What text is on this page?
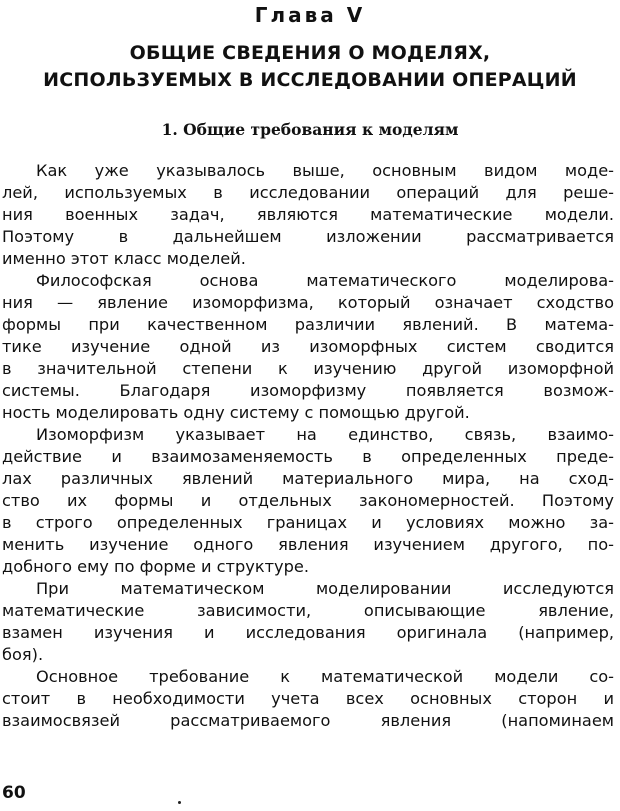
Глава V
ОБЩИЕ СВЕДЕНИЯ О МОДЕЛЯХ,
ИСПОЛЬЗУЕМЫХ В ИССЛЕДОВАНИИ ОПЕРАЦИЙ
1. Общие требования к моделям
Как уже указывалось выше, основным видом моде-
лей, используемых в исследовании операций для реше-
ния военных задач, являются математические модели.
Поэтому в дальнейшем изложении рассматривается
именно этот класс моделей.
Философская основа математического моделирова-
ния — явление изоморфизма, который означает сходство
формы при качественном различии явлений. В матема-
тике изучение одной из изоморфных систем сводится
в значительной степени к изучению другой изоморфной
системы. Благодаря изоморфизму появляется возмож-
ность моделировать одну систему с помощью другой.
Изоморфизм указывает на единство, связь, взаимо-
действие и взаимозаменяемость в определенных преде-
лах различных явлений материального мира, на сход-
ство их формы и отдельных закономерностей. Поэтому
в строго определенных границах и условиях можно за-
менить изучение одного явления изучением другого, по-
добного ему по форме и структуре.
При математическом моделировании исследуются
математические зависимости, описывающие явление,
взамен изучения и исследования оригинала (например,
боя).
Основное требование к математической модели со-
стоит в необходимости учета всех основных сторон и
взаимосвязей рассматриваемого явления (напоминаем
60
